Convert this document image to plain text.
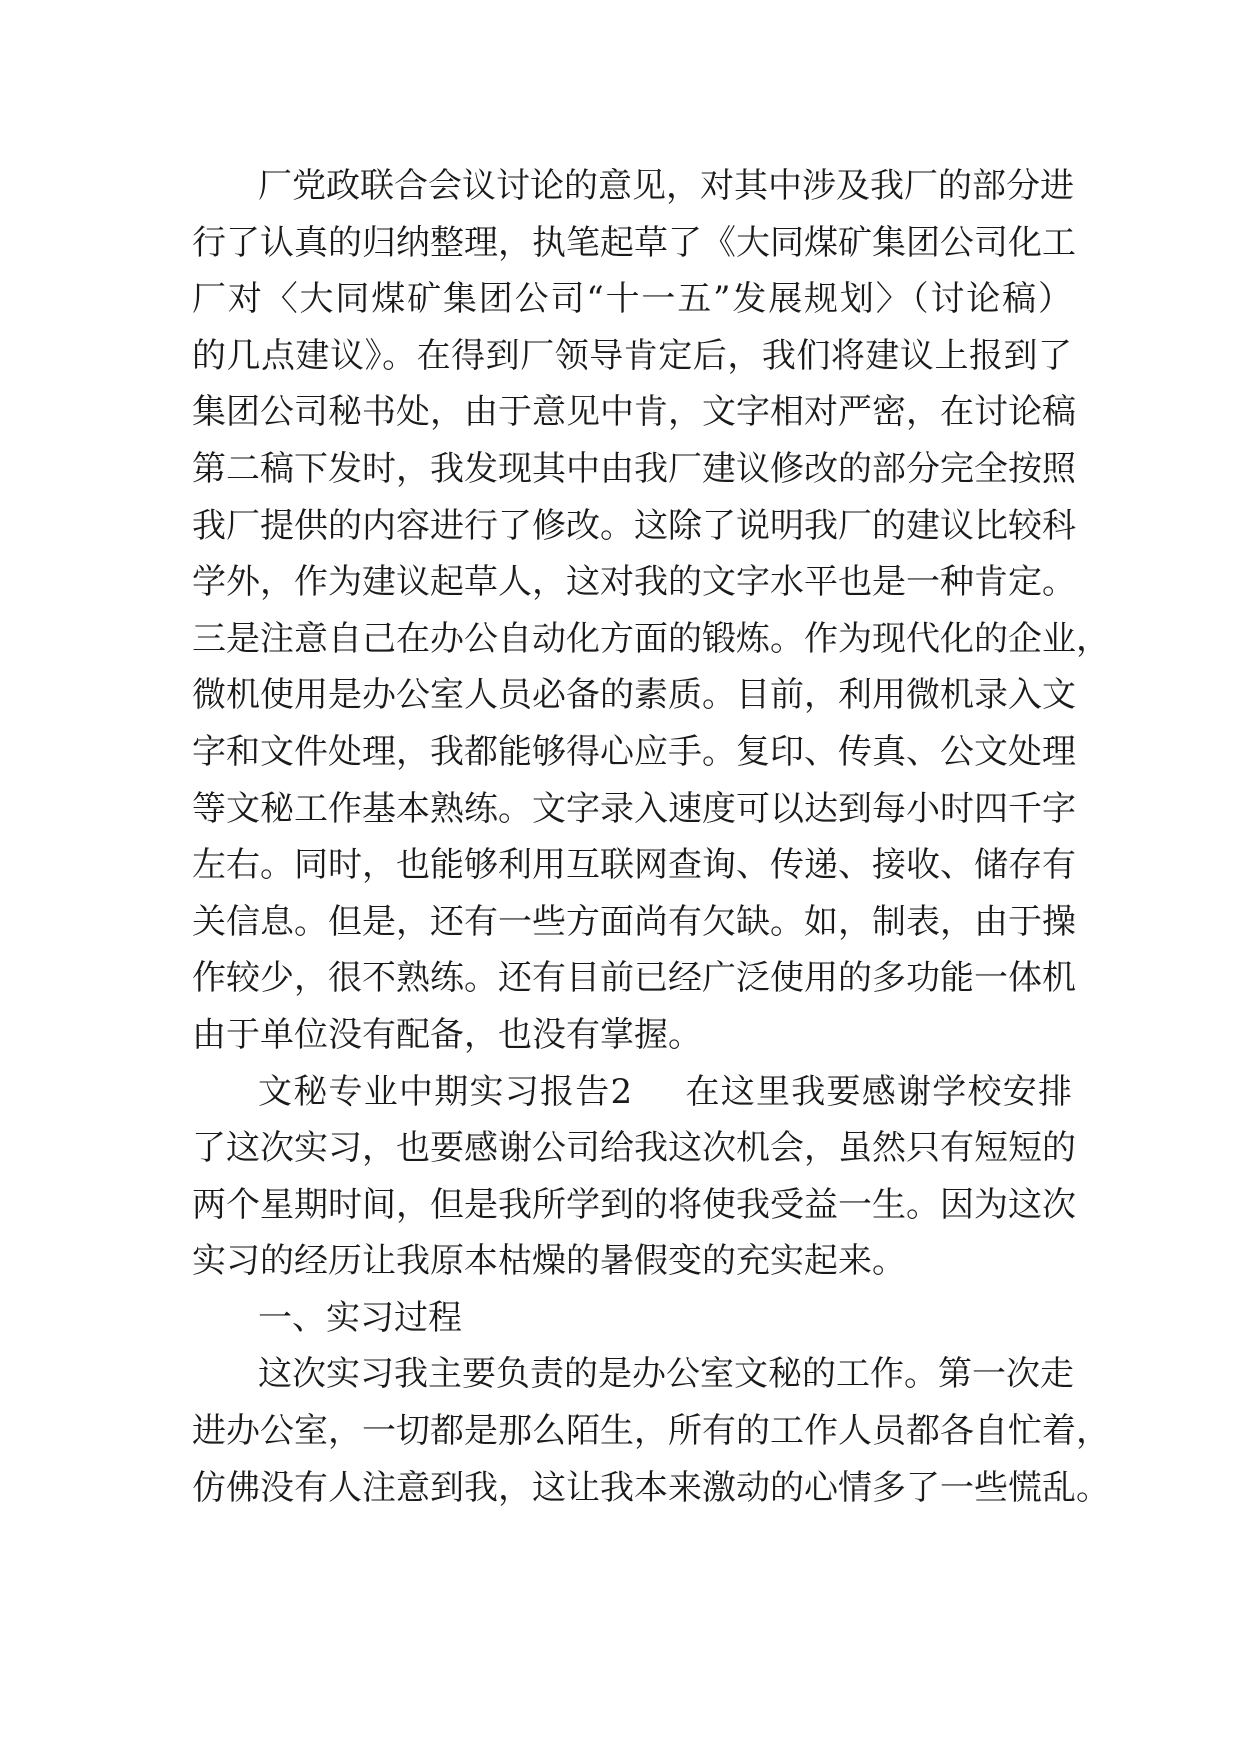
厂党政联合会议讨论的意见，对其中涉及我厂的部分进
行了认真的归纳整理，执笔起草了《大同煤矿集团公司化工
厂对〈大同煤矿集团公司“十一五”发展规划〉（讨论稿）
的几点建议》。在得到厂领导肯定后，我们将建议上报到了
集团公司秘书处，由于意见中肯，文字相对严密，在讨论稿
第二稿下发时，我发现其中由我厂建议修改的部分完全按照
我厂提供的内容进行了修改。这除了说明我厂的建议比较科
学外，作为建议起草人，这对我的文字水平也是一种肯定。
三是注意自己在办公自动化方面的锻炼。作为现代化的企业，
微机使用是办公室人员必备的素质。目前，利用微机录入文
字和文件处理，我都能够得心应手。复印、传真、公文处理
等文秘工作基本熟练。文字录入速度可以达到每小时四千字
左右。同时，也能够利用互联网查询、传递、接收、储存有
关信息。但是，还有一些方面尚有欠缺。如，制表，由于操
作较少，很不熟练。还有目前已经广泛使用的多功能一体机
由于单位没有配备，也没有掌握。
文秘专业中期实习报告2 在这里我要感谢学校安排
了这次实习，也要感谢公司给我这次机会，虽然只有短短的
两个星期时间，但是我所学到的将使我受益一生。因为这次
实习的经历让我原本枯燥的暑假变的充实起来。
一、实习过程
这次实习我主要负责的是办公室文秘的工作。第一次走
进办公室，一切都是那么陌生，所有的工作人员都各自忙着，
仿佛没有人注意到我，这让我本来激动的心情多了一些慌乱。
